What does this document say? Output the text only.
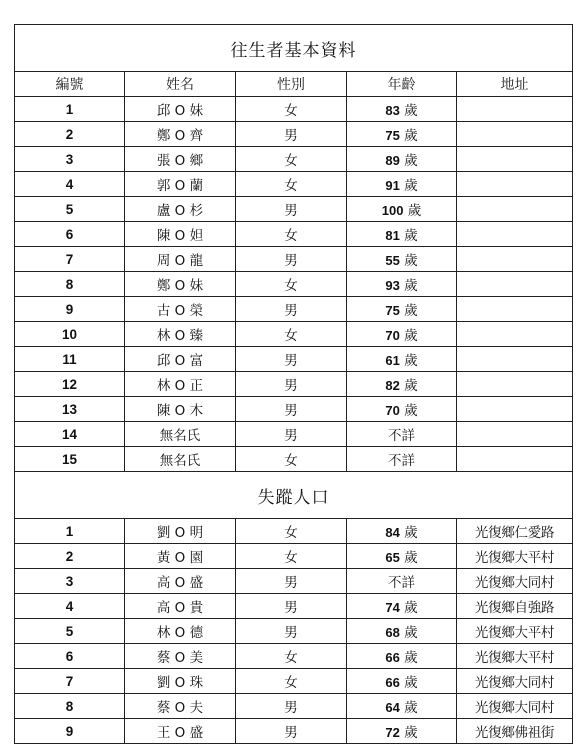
往生者基本資料				
編號	姓名	性別	年齡	地址
1	邱 O 妹	女	83 歲	
2	鄭 O 齊	男	75 歲	
3	張 O 鄉	女	89 歲	
4	郭 O 蘭	女	91 歲	
5	盧 O 杉	男	100 歲	
6	陳 O 妲	女	81 歲	
7	周 O 龍	男	55 歲	
8	鄭 O 妹	女	93 歲	
9	古 O 榮	男	75 歲	
10	林 O 臻	女	70 歲	
11	邱 O 富	男	61 歲	
12	林 O 正	男	82 歲	
13	陳 O 木	男	70 歲	
14	無名氏	男	不詳	
15	無名氏	女	不詳	
失蹤人口				
1	劉 O 明	女	84 歲	光復鄉仁愛路
2	黃 O 園	女	65 歲	光復鄉大平村
3	高 O 盛	男	不詳	光復鄉大同村
4	高 O 貴	男	74 歲	光復鄉自強路
5	林 O 德	男	68 歲	光復鄉大平村
6	蔡 O 美	女	66 歲	光復鄉大平村
7	劉 O 珠	女	66 歲	光復鄉大同村
8	蔡 O 夫	男	64 歲	光復鄉大同村
9	王 O 盛	男	72 歲	光復鄉佛祖街
